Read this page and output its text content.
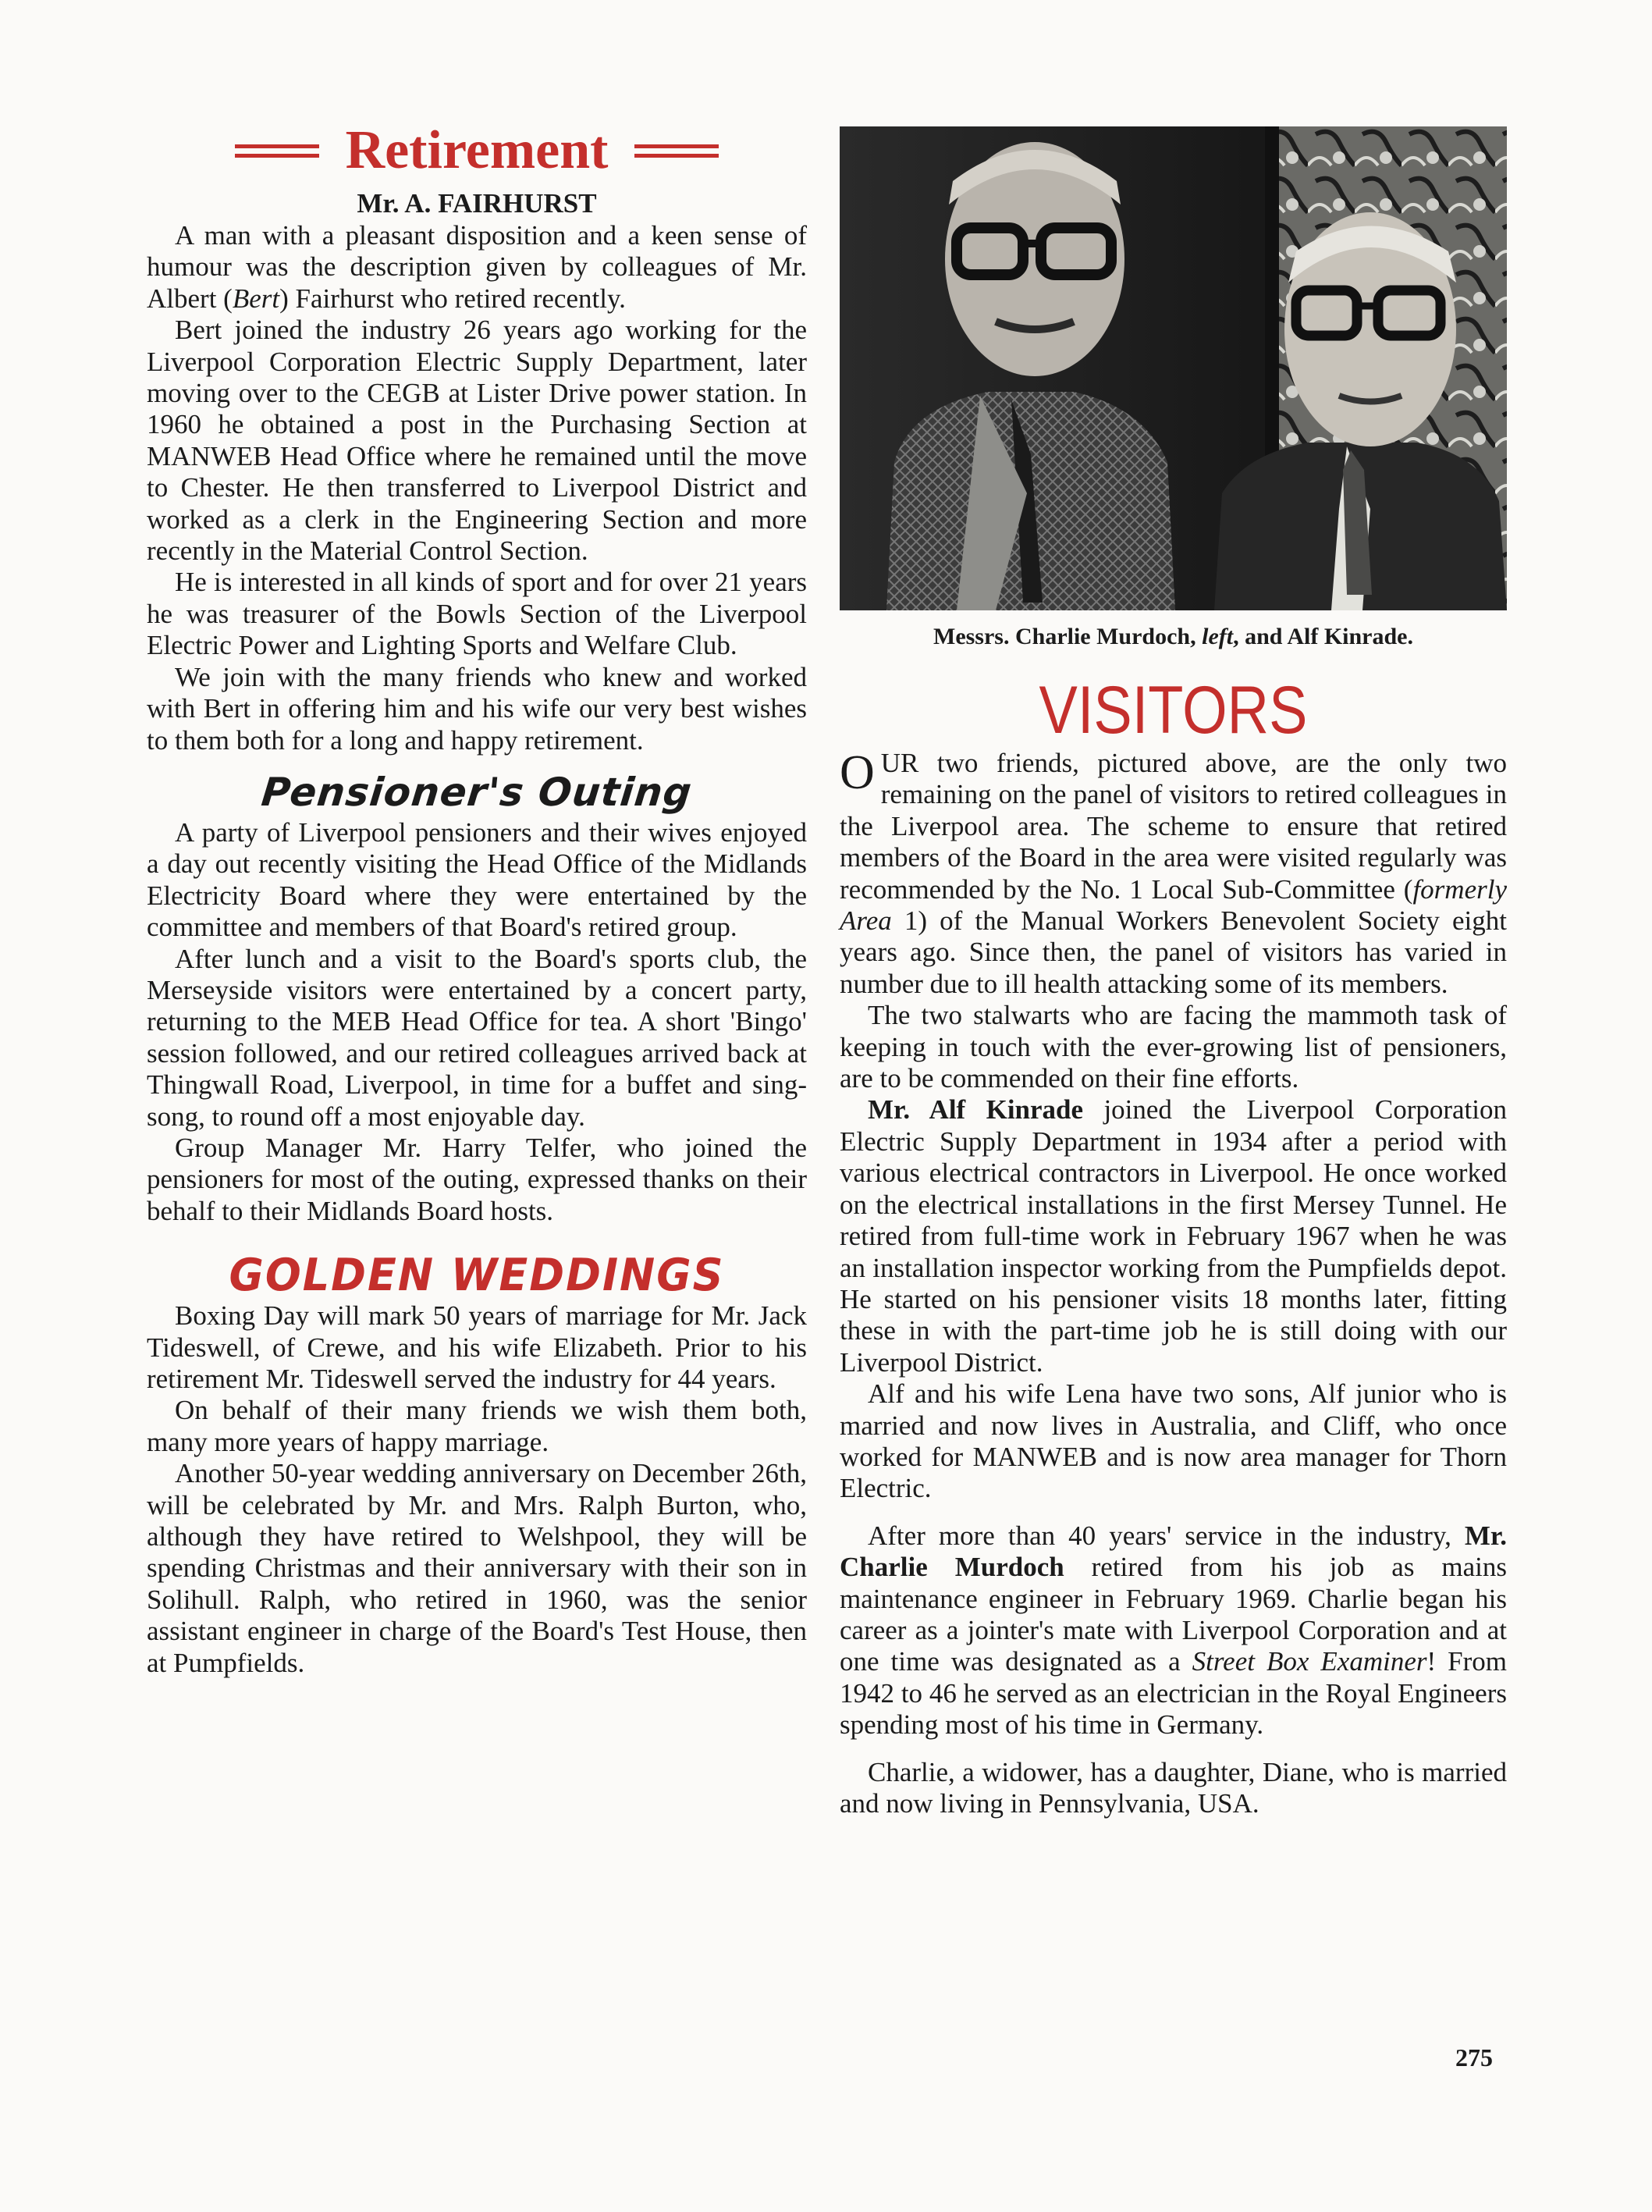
Retirement
Mr. A. FAIRHURST

A man with a pleasant disposition and a keen sense of humour was the description given by colleagues of Mr. Albert (Bert) Fairhurst who retired recently.

Bert joined the industry 26 years ago working for the Liverpool Corporation Electric Supply Department, later moving over to the CEGB at Lister Drive power station. In 1960 he obtained a post in the Purchasing Section at MANWEB Head Office where he remained until the move to Chester. He then transferred to Liverpool District and worked as a clerk in the Engineering Section and more recently in the Material Control Section.

He is interested in all kinds of sport and for over 21 years he was treasurer of the Bowls Section of the Liverpool Electric Power and Lighting Sports and Welfare Club.

We join with the many friends who knew and worked with Bert in offering him and his wife our very best wishes to them both for a long and happy retirement.

Pensioner's Outing

A party of Liverpool pensioners and their wives enjoyed a day out recently visiting the Head Office of the Midlands Electricity Board where they were entertained by the committee and members of that Board's retired group.

After lunch and a visit to the Board's sports club, the Merseyside visitors were entertained by a concert party, returning to the MEB Head Office for tea. A short 'Bingo' session followed, and our retired colleagues arrived back at Thingwall Road, Liverpool, in time for a buffet and sing-song, to round off a most enjoyable day.

Group Manager Mr. Harry Telfer, who joined the pensioners for most of the outing, expressed thanks on their behalf to their Midlands Board hosts.

GOLDEN WEDDINGS

Boxing Day will mark 50 years of marriage for Mr. Jack Tideswell, of Crewe, and his wife Elizabeth. Prior to his retirement Mr. Tideswell served the industry for 44 years.

On behalf of their many friends we wish them both, many more years of happy marriage.

Another 50-year wedding anniversary on December 26th, will be celebrated by Mr. and Mrs. Ralph Burton, who, although they have retired to Welshpool, they will be spending Christmas and their anniversary with their son in Solihull. Ralph, who retired in 1960, was the senior assistant engineer in charge of the Board's Test House, then at Pumpfields.

Messrs. Charlie Murdoch, left, and Alf Kinrade.
VISITORS

OUR two friends, pictured above, are the only two remaining on the panel of visitors to retired colleagues in the Liverpool area. The scheme to ensure that retired members of the Board in the area were visited regularly was recommended by the No. 1 Local Sub-Committee (formerly Area 1) of the Manual Workers Benevolent Society eight years ago. Since then, the panel of visitors has varied in number due to ill health attacking some of its members.

The two stalwarts who are facing the mammoth task of keeping in touch with the ever-growing list of pensioners, are to be commended on their fine efforts.

Mr. Alf Kinrade joined the Liverpool Corporation Electric Supply Department in 1934 after a period with various electrical contractors in Liverpool. He once worked on the electrical installations in the first Mersey Tunnel. He retired from full-time work in February 1967 when he was an installation inspector working from the Pumpfields depot. He started on his pensioner visits 18 months later, fitting these in with the part-time job he is still doing with our Liverpool District.

Alf and his wife Lena have two sons, Alf junior who is married and now lives in Australia, and Cliff, who once worked for MANWEB and is now area manager for Thorn Electric.

After more than 40 years' service in the industry, Mr. Charlie Murdoch retired from his job as mains maintenance engineer in February 1969. Charlie began his career as a jointer's mate with Liverpool Corporation and at one time was designated as a Street Box Examiner! From 1942 to 46 he served as an electrician in the Royal Engineers spending most of his time in Germany.

Charlie, a widower, has a daughter, Diane, who is married and now living in Pennsylvania, USA.

275
